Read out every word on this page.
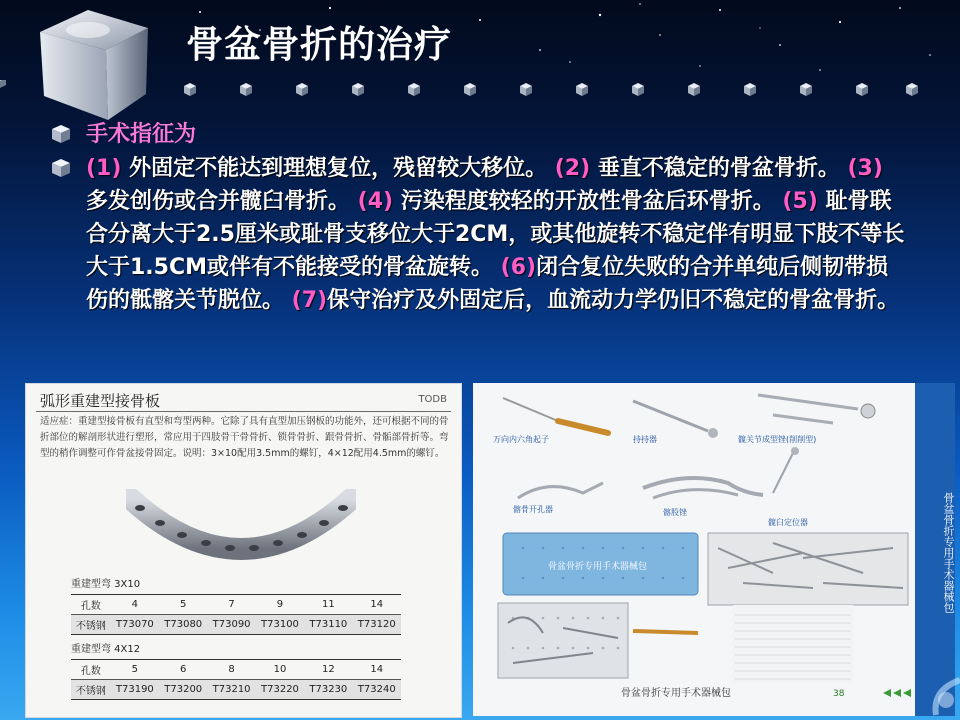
骨盆骨折的治疗
手术指征为
(1) 外固定不能达到理想复位，残留较大移位。 (2) 垂直不稳定的骨盆骨折。 (3) 多发创伤或合并髋臼骨折。 (4) 污染程度较轻的开放性骨盆后环骨折。 (5) 耻骨联合分离大于2.5厘米或耻骨支移位大于2CM，或其他旋转不稳定伴有明显下肢不等长大于1.5CM或伴有不能接受的骨盆旋转。 (6)闭合复位失败的合并单纯后侧韧带损伤的骶髂关节脱位。 (7)保守治疗及外固定后，血流动力学仍旧不稳定的骨盆骨折。
弧形重建型接骨板	TODB
适应症：重建型接骨板有直型和弯型两种。它除了具有直型加压钢板的功能外，还可根据不同的骨折部位的解剖形状进行塑形，常应用于四肢骨干骨骨折、锁骨骨折、跟骨骨折、骨骺部骨折等。弯型的稍作调整可作骨盆接骨固定。说明：3×10配用3.5mm的螺钉，4×12配用4.5mm的螺钉。
重建型弯 3X10
孔数	4	5	7	9	11	14
不锈钢	T73070	T73080	T73090	T73100	T73110	T73120
重建型弯 4X12
孔数	5	6	8	10	12	14
不锈钢	T73190	T73200	T73210	T73220	T73230	T73240
万向内六角起子	持持器	髋关节成型锉(削削型)
髂骨开孔器	髂股锉
髋臼定位器
骨盆骨折专用手术器械包
骨盆骨折专用手术器械包	38
骨盆骨折专用手术器械包
